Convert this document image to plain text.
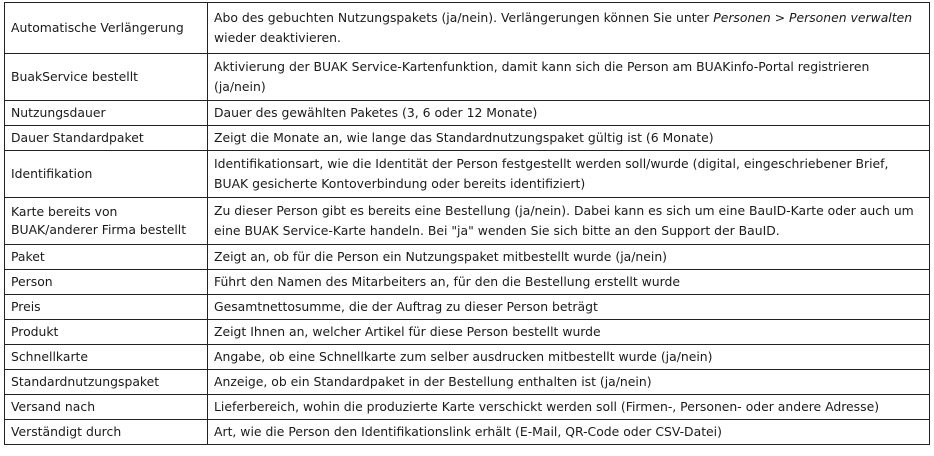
Automatische Verlängerung	Abo des gebuchten Nutzungspakets (ja/nein). Verlängerungen können Sie unter Personen > Personen verwalten wieder deaktivieren.

BuakService bestellt	Aktivierung der BUAK Service-Kartenfunktion, damit kann sich die Person am BUAKinfo-Portal registrieren (ja/nein)

Nutzungsdauer	Dauer des gewählten Paketes (3, 6 oder 12 Monate)

Dauer Standardpaket	Zeigt die Monate an, wie lange das Standardnutzungspaket gültig ist (6 Monate)

Identifikation	Identifikationsart, wie die Identität der Person festgestellt werden soll/wurde (digital, eingeschriebener Brief, BUAK gesicherte Kontoverbindung oder bereits identifiziert)

Karte bereits von BUAK/anderer Firma bestellt	Zu dieser Person gibt es bereits eine Bestellung (ja/nein). Dabei kann es sich um eine BauID-Karte oder auch um eine BUAK Service-Karte handeln. Bei "ja" wenden Sie sich bitte an den Support der BauID.

Paket	Zeigt an, ob für die Person ein Nutzungspaket mitbestellt wurde (ja/nein)

Person	Führt den Namen des Mitarbeiters an, für den die Bestellung erstellt wurde

Preis	Gesamtnettosumme, die der Auftrag zu dieser Person beträgt

Produkt	Zeigt Ihnen an, welcher Artikel für diese Person bestellt wurde

Schnellkarte	Angabe, ob eine Schnellkarte zum selber ausdrucken mitbestellt wurde (ja/nein)

Standardnutzungspaket	Anzeige, ob ein Standardpaket in der Bestellung enthalten ist (ja/nein)

Versand nach	Lieferbereich, wohin die produzierte Karte verschickt werden soll (Firmen-, Personen- oder andere Adresse)

Verständigt durch	Art, wie die Person den Identifikationslink erhält (E-Mail, QR-Code oder CSV-Datei)
